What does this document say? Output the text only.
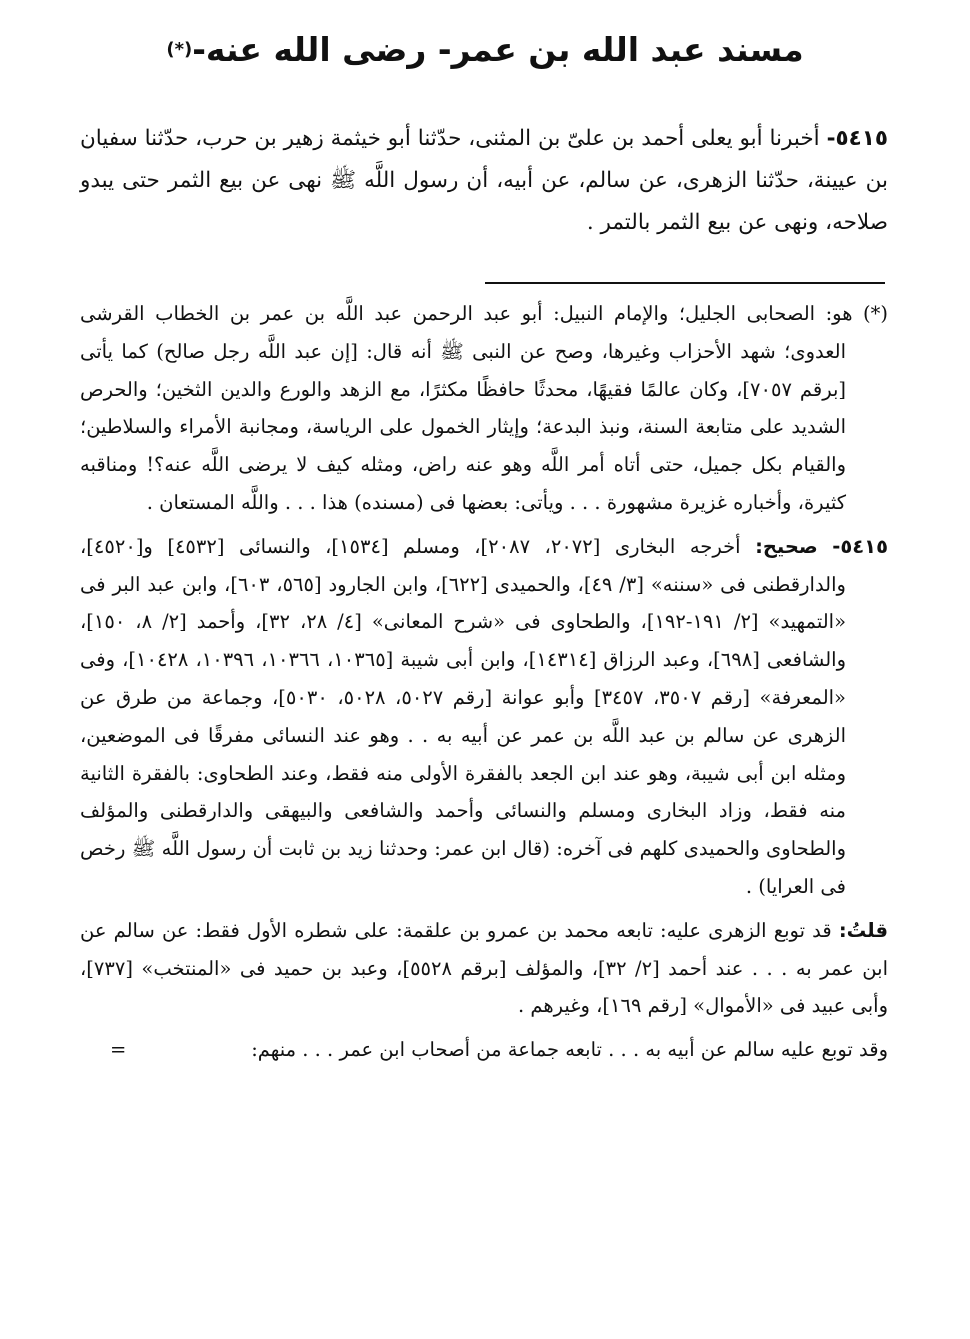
مسند عبد الله بن عمر- رضى الله عنه-(*)
٥٤١٥- أخبرنا أبو يعلى أحمد بن علىّ بن المثنى، حدّثنا أبو خيثمة زهير بن حرب، حدّثنا سفيان بن عيينة، حدّثنا الزهرى، عن سالم، عن أبيه، أن رسول اللَّه ﷺ نهى عن بيع الثمر حتى يبدو صلاحه، ونهى عن بيع الثمر بالتمر .

(*) هو: الصحابى الجليل؛ والإمام النبيل: أبو عبد الرحمن عبد اللَّه بن عمر بن الخطاب القرشى العدوى؛ شهد الأحزاب وغيرها، وصح عن النبى ﷺ أنه قال: [إن عبد اللَّه رجل صالح) كما يأتى [برقم ٧٠٥٧]، وكان عالمًا فقيهًا، محدثًا حافظًا مكثرًا، مع الزهد والورع والدين الثخين؛ والحرص الشديد على متابعة السنة، ونبذ البدعة؛ وإيثار الخمول على الرياسة، ومجانبة الأمراء والسلاطين؛ والقيام بكل جميل، حتى أتاه أمر اللَّه وهو عنه راض، ومثله كيف لا يرضى اللَّه عنه؟! ومناقبه كثيرة، وأخباره غزيرة مشهورة . . . ويأتى: بعضها فى (مسنده) هذا . . . واللَّه المستعان .

٥٤١٥- صحيح: أخرجه البخارى [٢٠٧٢، ٢٠٨٧]، ومسلم [١٥٣٤]، والنسائى [٤٥٣٢] و[٤٥٢٠]، والدارقطنى فى «سننه» [٣/ ٤٩]، والحميدى [٦٢٢]، وابن الجارود [٥٦٥، ٦٠٣]، وابن عبد البر فى «التمهيد» [٢/ ١٩١-١٩٢]، والطحاوى فى «شرح المعانى» [٤/ ٢٨، ٣٢]، وأحمد [٢/ ٨، ١٥٠]، والشافعى [٦٩٨]، وعبد الرزاق [١٤٣١٤]، وابن أبى شيبة [١٠٣٦٥، ١٠٣٦٦، ١٠٣٩٦، ١٠٤٢٨]، وفى «المعرفة» [رقم ٣٥٠٧، ٣٤٥٧] وأبو عوانة [رقم ٥٠٢٧، ٥٠٢٨، ٥٠٣٠]، وجماعة من طرق عن الزهرى عن سالم بن عبد اللَّه بن عمر عن أبيه به . . وهو عند النسائى مفرقًا فى الموضعين، ومثله ابن أبى شيبة، وهو عند ابن الجعد بالفقرة الأولى منه فقط، وعند الطحاوى: بالفقرة الثانية منه فقط، وزاد البخارى ومسلم والنسائى وأحمد والشافعى والبيهقى والدارقطنى والمؤلف والطحاوى والحميدى كلهم فى آخره: (قال ابن عمر: وحدثنا زيد بن ثابت أن رسول اللَّه ﷺ رخص فى العرايا) .

قلتُ: قد توبع الزهرى عليه: تابعه محمد بن عمرو بن علقمة: على شطره الأول فقط: عن سالم عن ابن عمر به . . . عند أحمد [٢/ ٣٢]، والمؤلف [برقم ٥٥٢٨]، وعبد بن حميد فى «المنتخب» [٧٣٧]، وأبى عبيد فى «الأموال» [رقم ١٦٩]، وغيرهم .

وقد توبع عليه سالم عن أبيه به . . . تابعه جماعة من أصحاب ابن عمر . . . منهم:
=
